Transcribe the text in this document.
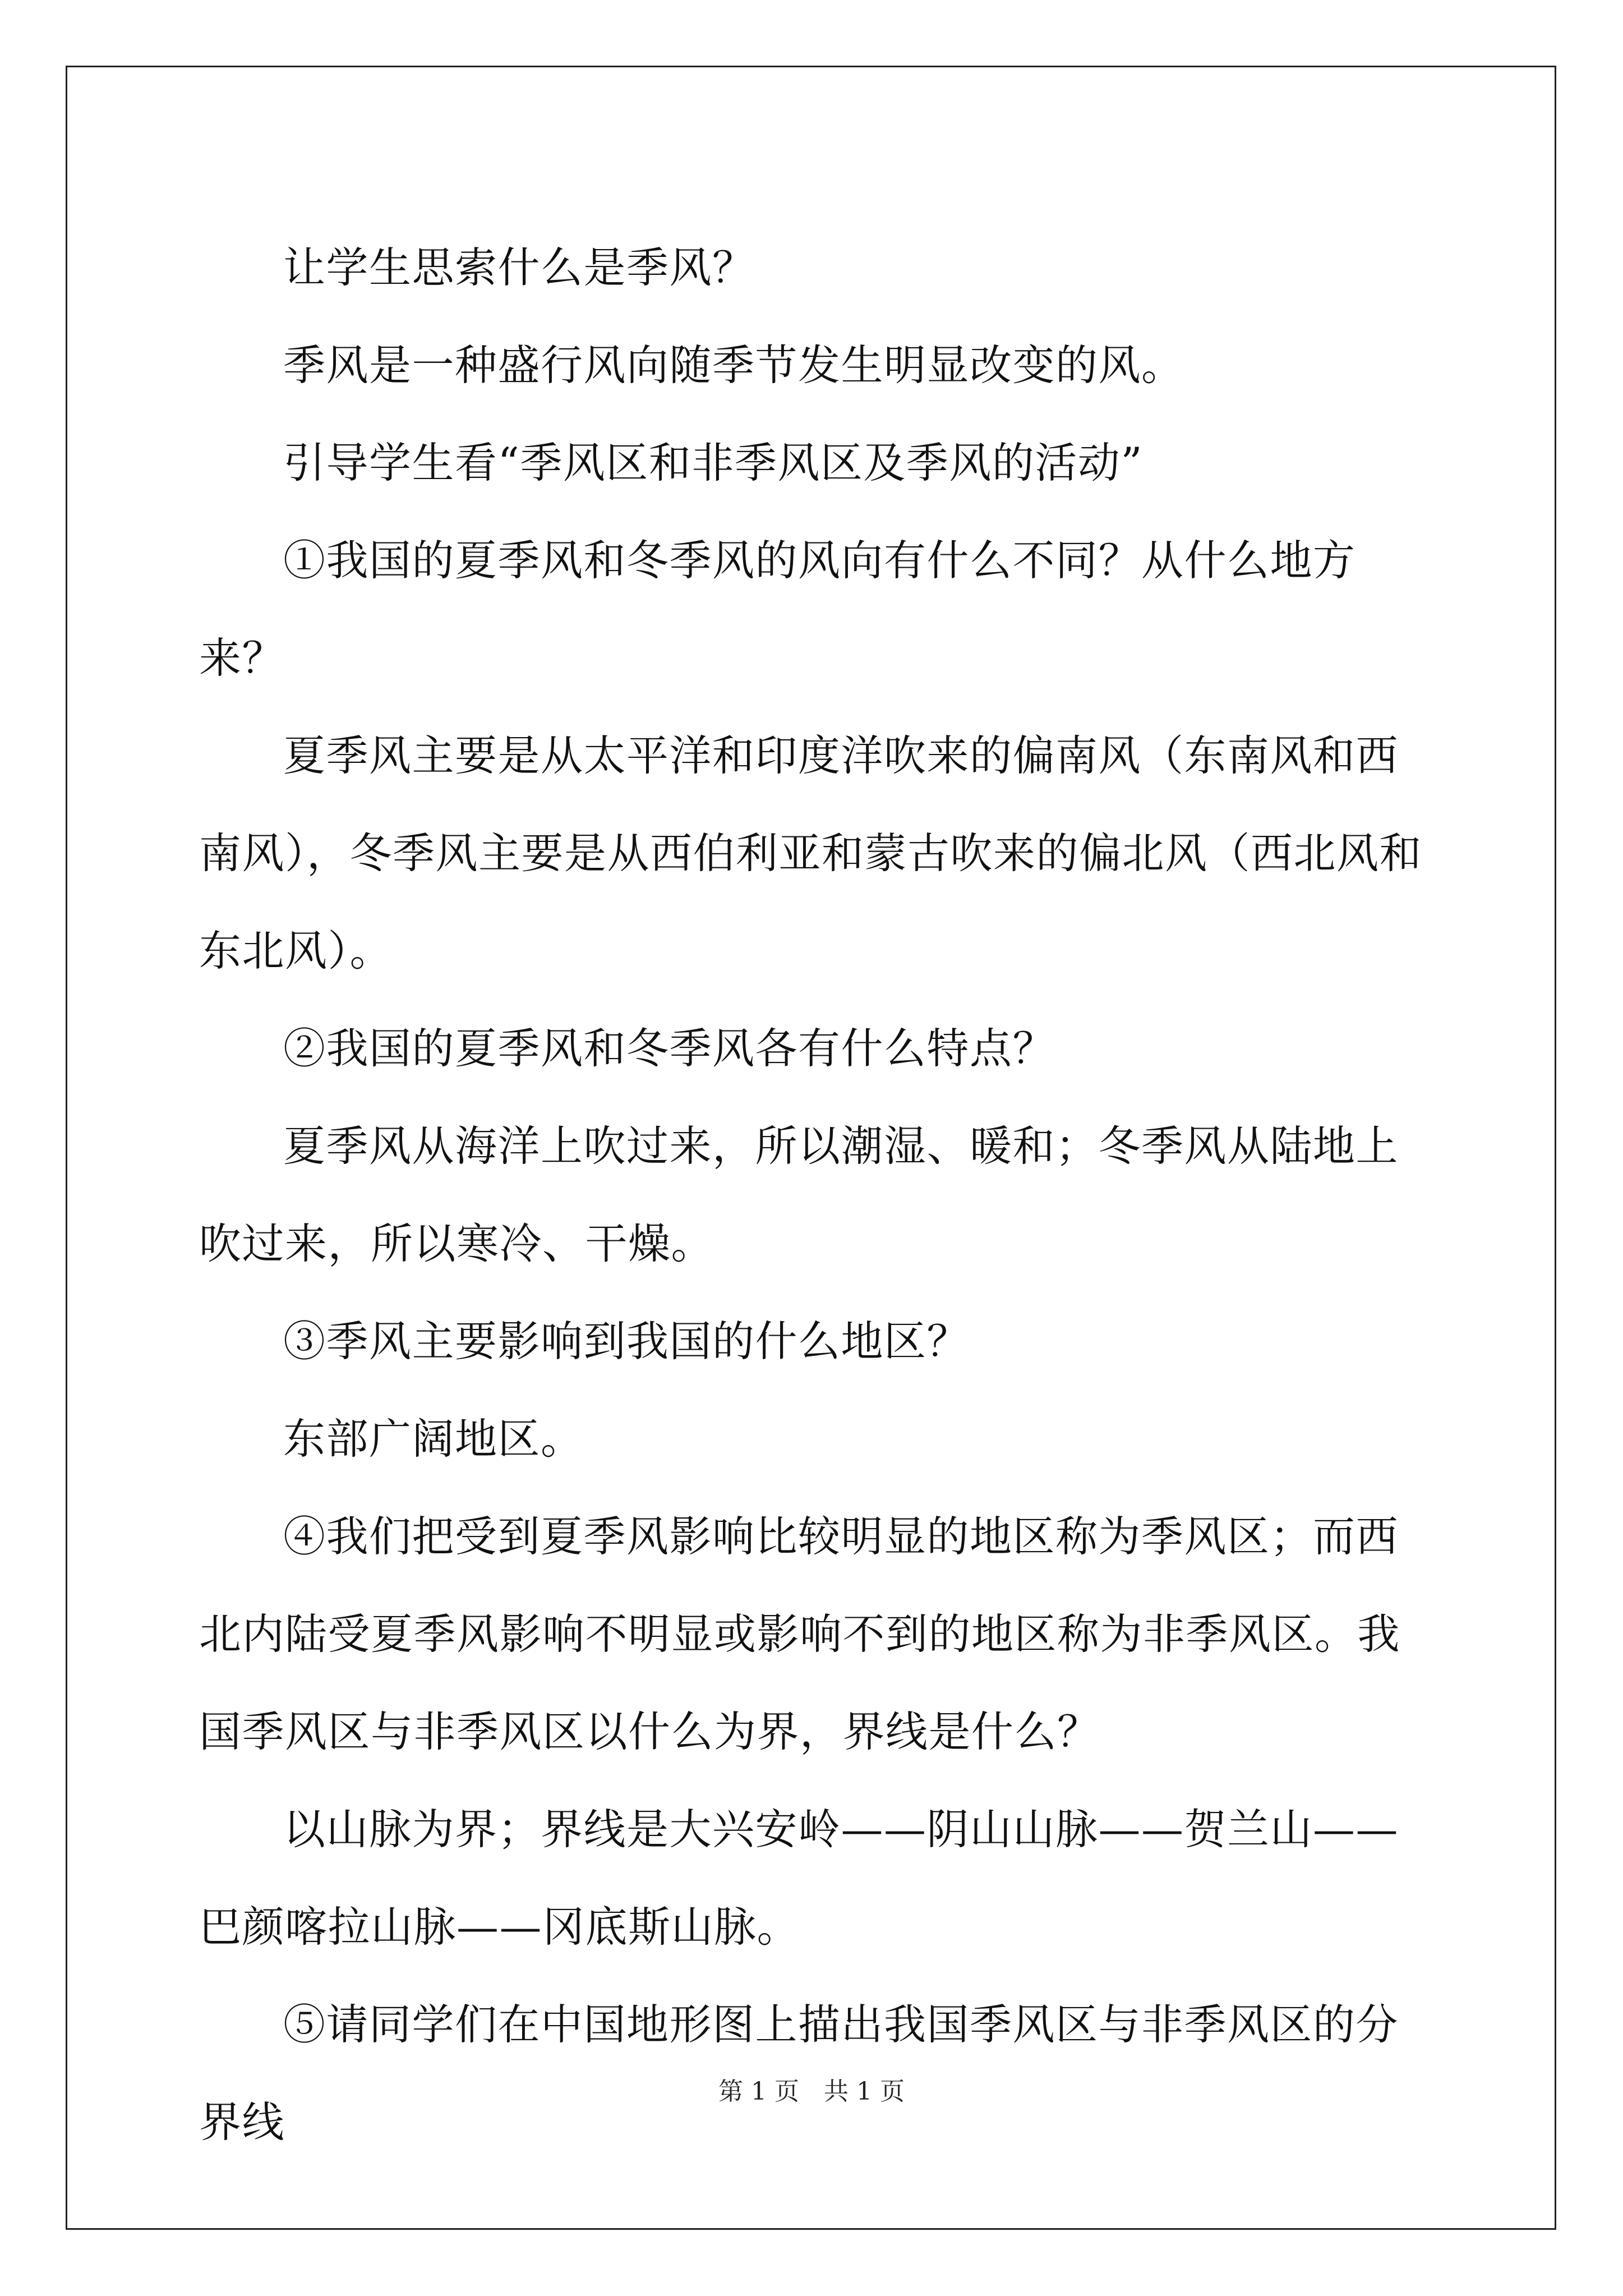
让学生思索什么是季风？

季风是一种盛行风向随季节发生明显改变的风。

引导学生看“季风区和非季风区及季风的活动”

①我国的夏季风和冬季风的风向有什么不同？从什么地方来？

夏季风主要是从太平洋和印度洋吹来的偏南风（东南风和西南风），冬季风主要是从西伯利亚和蒙古吹来的偏北风（西北风和东北风）。

②我国的夏季风和冬季风各有什么特点？

夏季风从海洋上吹过来，所以潮湿、暖和；冬季风从陆地上吹过来，所以寒冷、干燥。

③季风主要影响到我国的什么地区？

东部广阔地区。

④我们把受到夏季风影响比较明显的地区称为季风区；而西北内陆受夏季风影响不明显或影响不到的地区称为非季风区。我国季风区与非季风区以什么为界，界线是什么？

以山脉为界；界线是大兴安岭——阴山山脉——贺兰山——巴颜喀拉山脉——冈底斯山脉。

⑤请同学们在中国地形图上描出我国季风区与非季风区的分界线

第 1 页　共 1 页
